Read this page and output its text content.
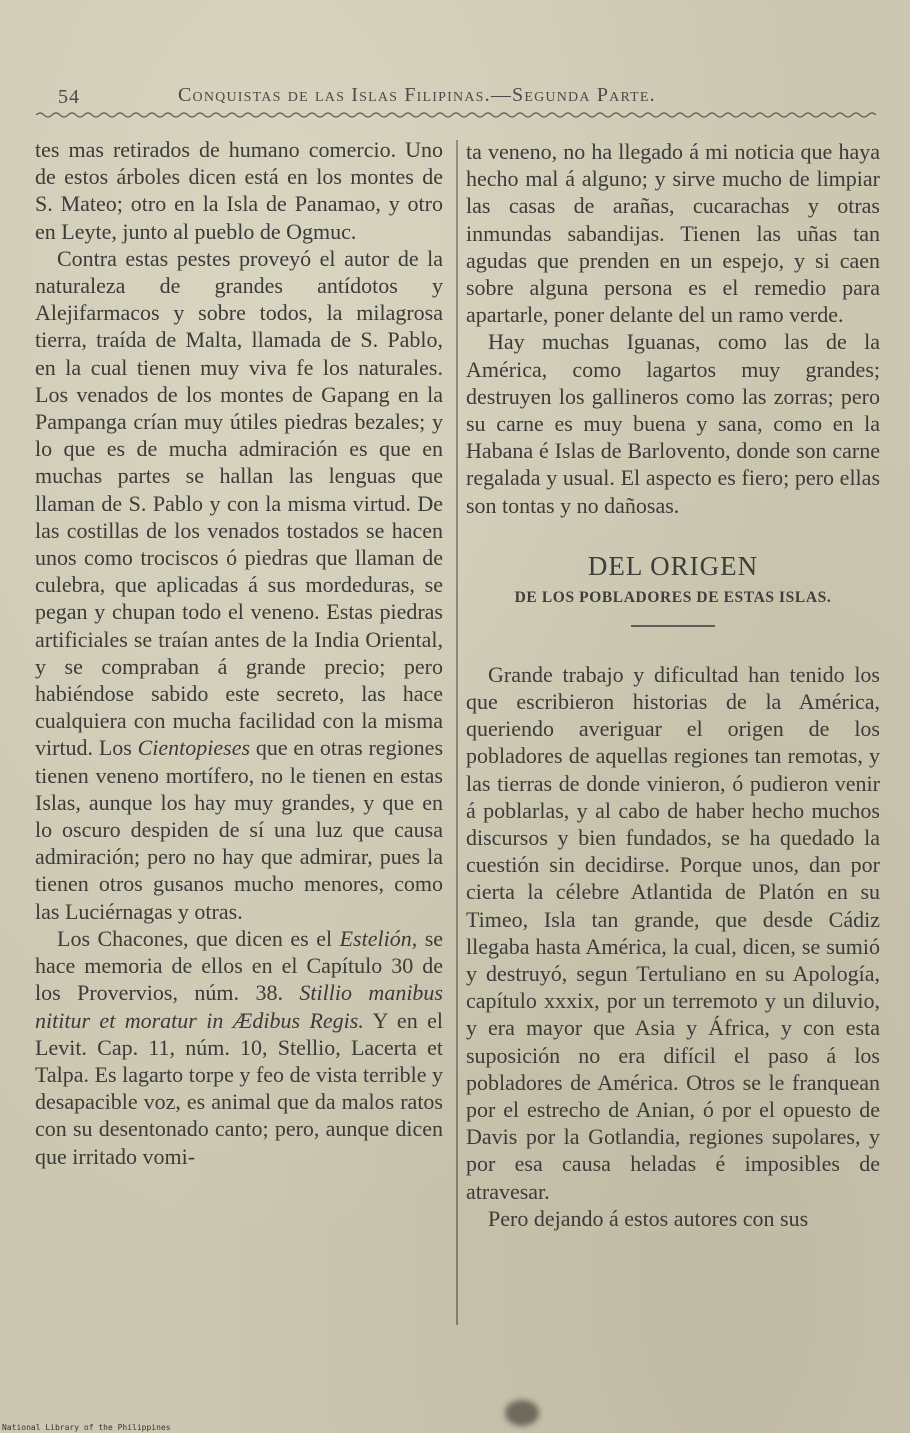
54	Conquistas de las Islas Filipinas.—Segunda Parte.

tes mas retirados de humano comercio. Uno de estos árboles dicen está en los montes de S. Mateo; otro en la Isla de Panamao, y otro en Leyte, junto al pueblo de Ogmuc.

Contra estas pestes proveyó el autor de la naturaleza de grandes antídotos y Alejifarmacos y sobre todos, la milagrosa tierra, traída de Malta, llamada de S. Pablo, en la cual tienen muy viva fe los naturales. Los venados de los montes de Gapang en la Pampanga crían muy útiles piedras bezales; y lo que es de mucha admiración es que en muchas partes se hallan las lenguas que llaman de S. Pablo y con la misma virtud. De las costillas de los venados tostados se hacen unos como trociscos ó piedras que llaman de culebra, que aplicadas á sus mordeduras, se pegan y chupan todo el veneno. Estas piedras artificiales se traían antes de la India Oriental, y se compraban á grande precio; pero habiéndose sabido este secreto, las hace cualquiera con mucha facilidad con la misma virtud. Los Cientopieses que en otras regiones tienen veneno mortífero, no le tienen en estas Islas, aunque los hay muy grandes, y que en lo oscuro despiden de sí una luz que causa admiración; pero no hay que admirar, pues la tienen otros gusanos mucho menores, como las Luciérnagas y otras.

Los Chacones, que dicen es el Estelión, se hace memoria de ellos en el Capítulo 30 de los Provervios, núm. 38. Stillio manibus nititur et moratur in Ædibus Regis. Y en el Levit. Cap. 11, núm. 10, Stellio, Lacerta et Talpa. Es lagarto torpe y feo de vista terrible y desapacible voz, es animal que da malos ratos con su desentonado canto; pero, aunque dicen que irritado vomi-

ta veneno, no ha llegado á mi noticia que haya hecho mal á alguno; y sirve mucho de limpiar las casas de arañas, cucarachas y otras inmundas sabandijas. Tienen las uñas tan agudas que prenden en un espejo, y si caen sobre alguna persona es el remedio para apartarle, poner delante del un ramo verde.

Hay muchas Iguanas, como las de la América, como lagartos muy grandes; destruyen los gallineros como las zorras; pero su carne es muy buena y sana, como en la Habana é Islas de Barlovento, donde son carne regalada y usual. El aspecto es fiero; pero ellas son tontas y no dañosas.

DEL ORIGEN
DE LOS POBLADORES DE ESTAS ISLAS.

Grande trabajo y dificultad han tenido los que escribieron historias de la América, queriendo averiguar el origen de los pobladores de aquellas regiones tan remotas, y las tierras de donde vinieron, ó pudieron venir á poblarlas, y al cabo de haber hecho muchos discursos y bien fundados, se ha quedado la cuestión sin decidirse. Porque unos, dan por cierta la célebre Atlantida de Platón en su Timeo, Isla tan grande, que desde Cádiz llegaba hasta América, la cual, dicen, se sumió y destruyó, segun Tertuliano en su Apología, capítulo xxxix, por un terremoto y un diluvio, y era mayor que Asia y África, y con esta suposición no era difícil el paso á los pobladores de América. Otros se le franquean por el estrecho de Anian, ó por el opuesto de Davis por la Gotlandia, regiones supolares, y por esa causa heladas é imposibles de atravesar.

Pero dejando á estos autores con sus

National Library of the Philippines
